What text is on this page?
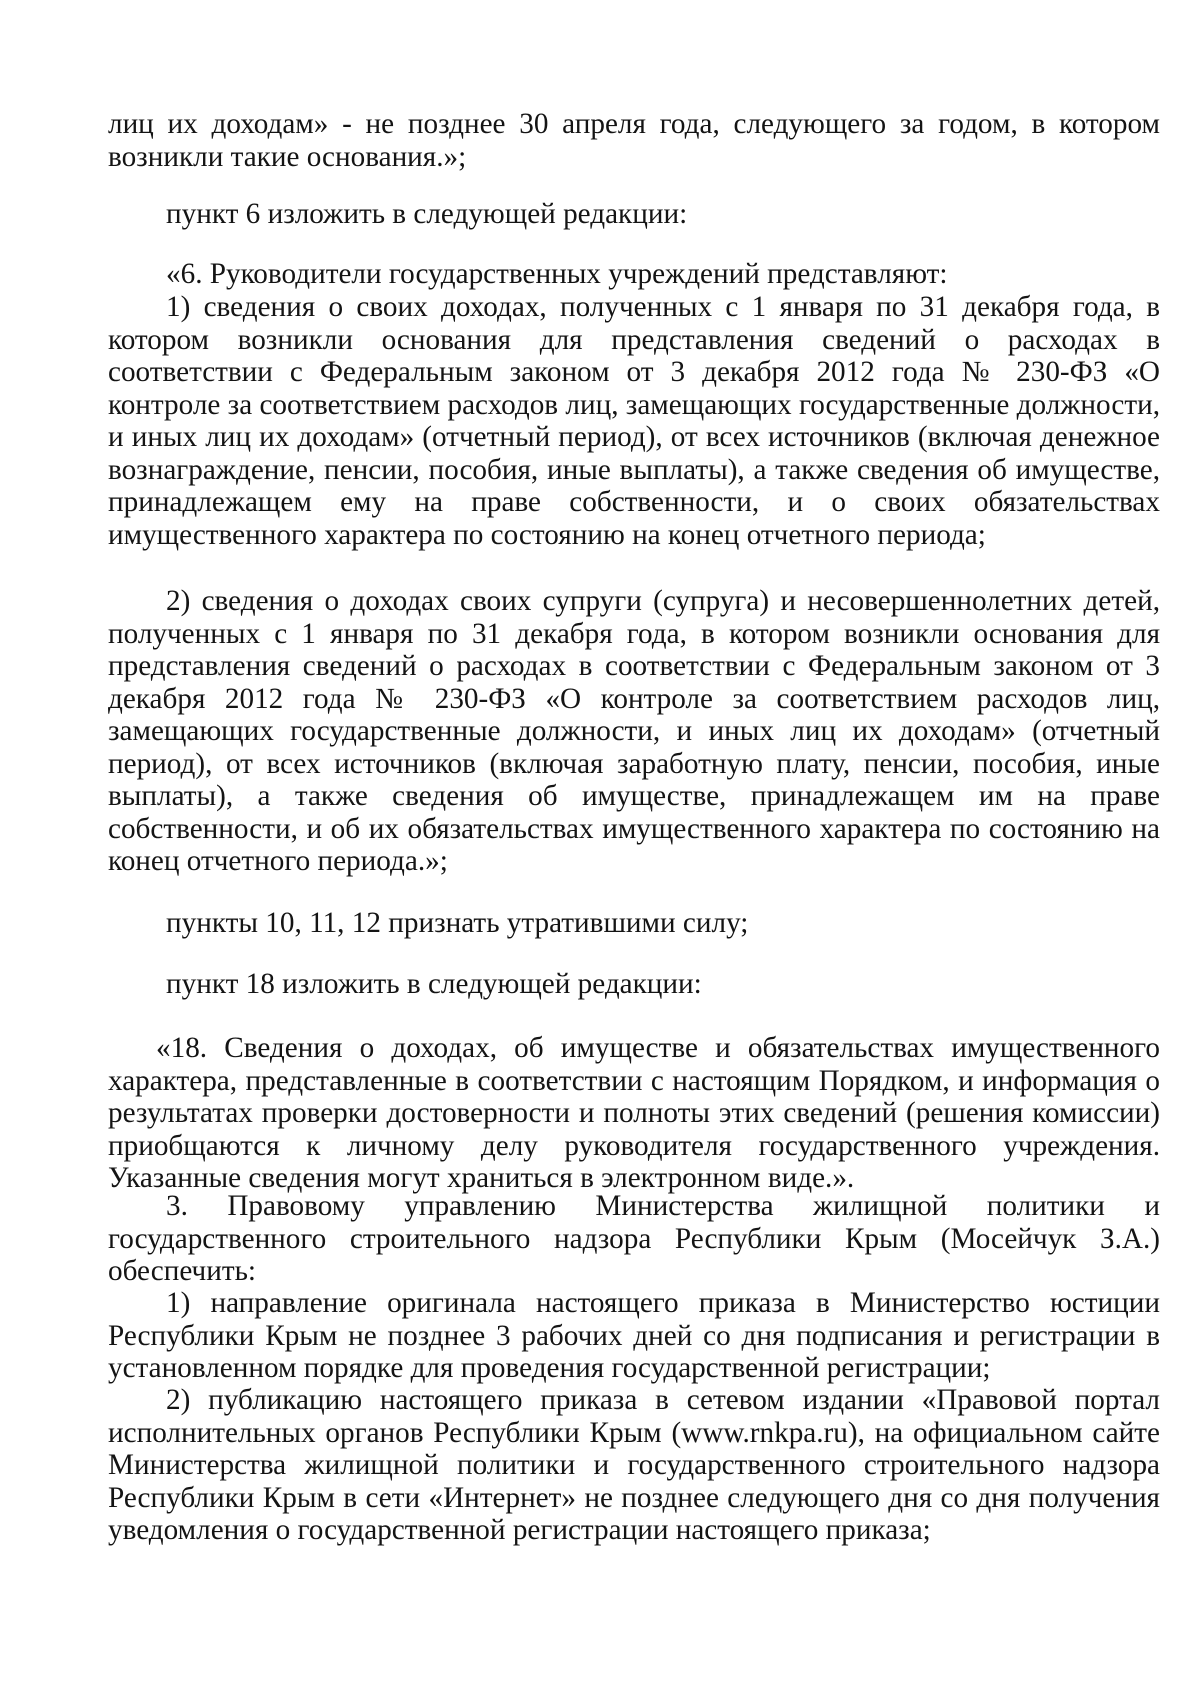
лиц их доходам» - не позднее 30 апреля года, следующего за годом, в котором возникли такие основания.»;

пункт 6 изложить в следующей редакции:

«6. Руководители государственных учреждений представляют:

1) сведения о своих доходах, полученных с 1 января по 31 декабря года, в котором возникли основания для представления сведений о расходах в соответствии с Федеральным законом от 3 декабря 2012 года № 230-ФЗ «О контроле за соответствием расходов лиц, замещающих государственные должности, и иных лиц их доходам» (отчетный период), от всех источников (включая денежное вознаграждение, пенсии, пособия, иные выплаты), а также сведения об имуществе, принадлежащем ему на праве собственности, и о своих обязательствах имущественного характера по состоянию на конец отчетного периода;

2) сведения о доходах своих супруги (супруга) и несовершеннолетних детей, полученных с 1 января по 31 декабря года, в котором возникли основания для представления сведений о расходах в соответствии с Федеральным законом от 3 декабря 2012 года № 230-ФЗ «О контроле за соответствием расходов лиц, замещающих государственные должности, и иных лиц их доходам» (отчетный период), от всех источников (включая заработную плату, пенсии, пособия, иные выплаты), а также сведения об имуществе, принадлежащем им на праве собственности, и об их обязательствах имущественного характера по состоянию на конец отчетного периода.»;

пункты 10, 11, 12 признать утратившими силу;

пункт 18 изложить в следующей редакции:

«18. Сведения о доходах, об имуществе и обязательствах имущественного характера, представленные в соответствии с настоящим Порядком, и информация о результатах проверки достоверности и полноты этих сведений (решения комиссии) приобщаются к личному делу руководителя государственного учреждения. Указанные сведения могут храниться в электронном виде.».

3. Правовому управлению Министерства жилищной политики и государственного строительного надзора Республики Крым (Мосейчук З.А.) обеспечить:

1) направление оригинала настоящего приказа в Министерство юстиции Республики Крым не позднее 3 рабочих дней со дня подписания и регистрации в установленном порядке для проведения государственной регистрации;

2) публикацию настоящего приказа в сетевом издании «Правовой портал исполнительных органов Республики Крым (www.rnkpa.ru), на официальном сайте Министерства жилищной политики и государственного строительного надзора Республики Крым в сети «Интернет» не позднее следующего дня со дня получения уведомления о государственной регистрации настоящего приказа;
